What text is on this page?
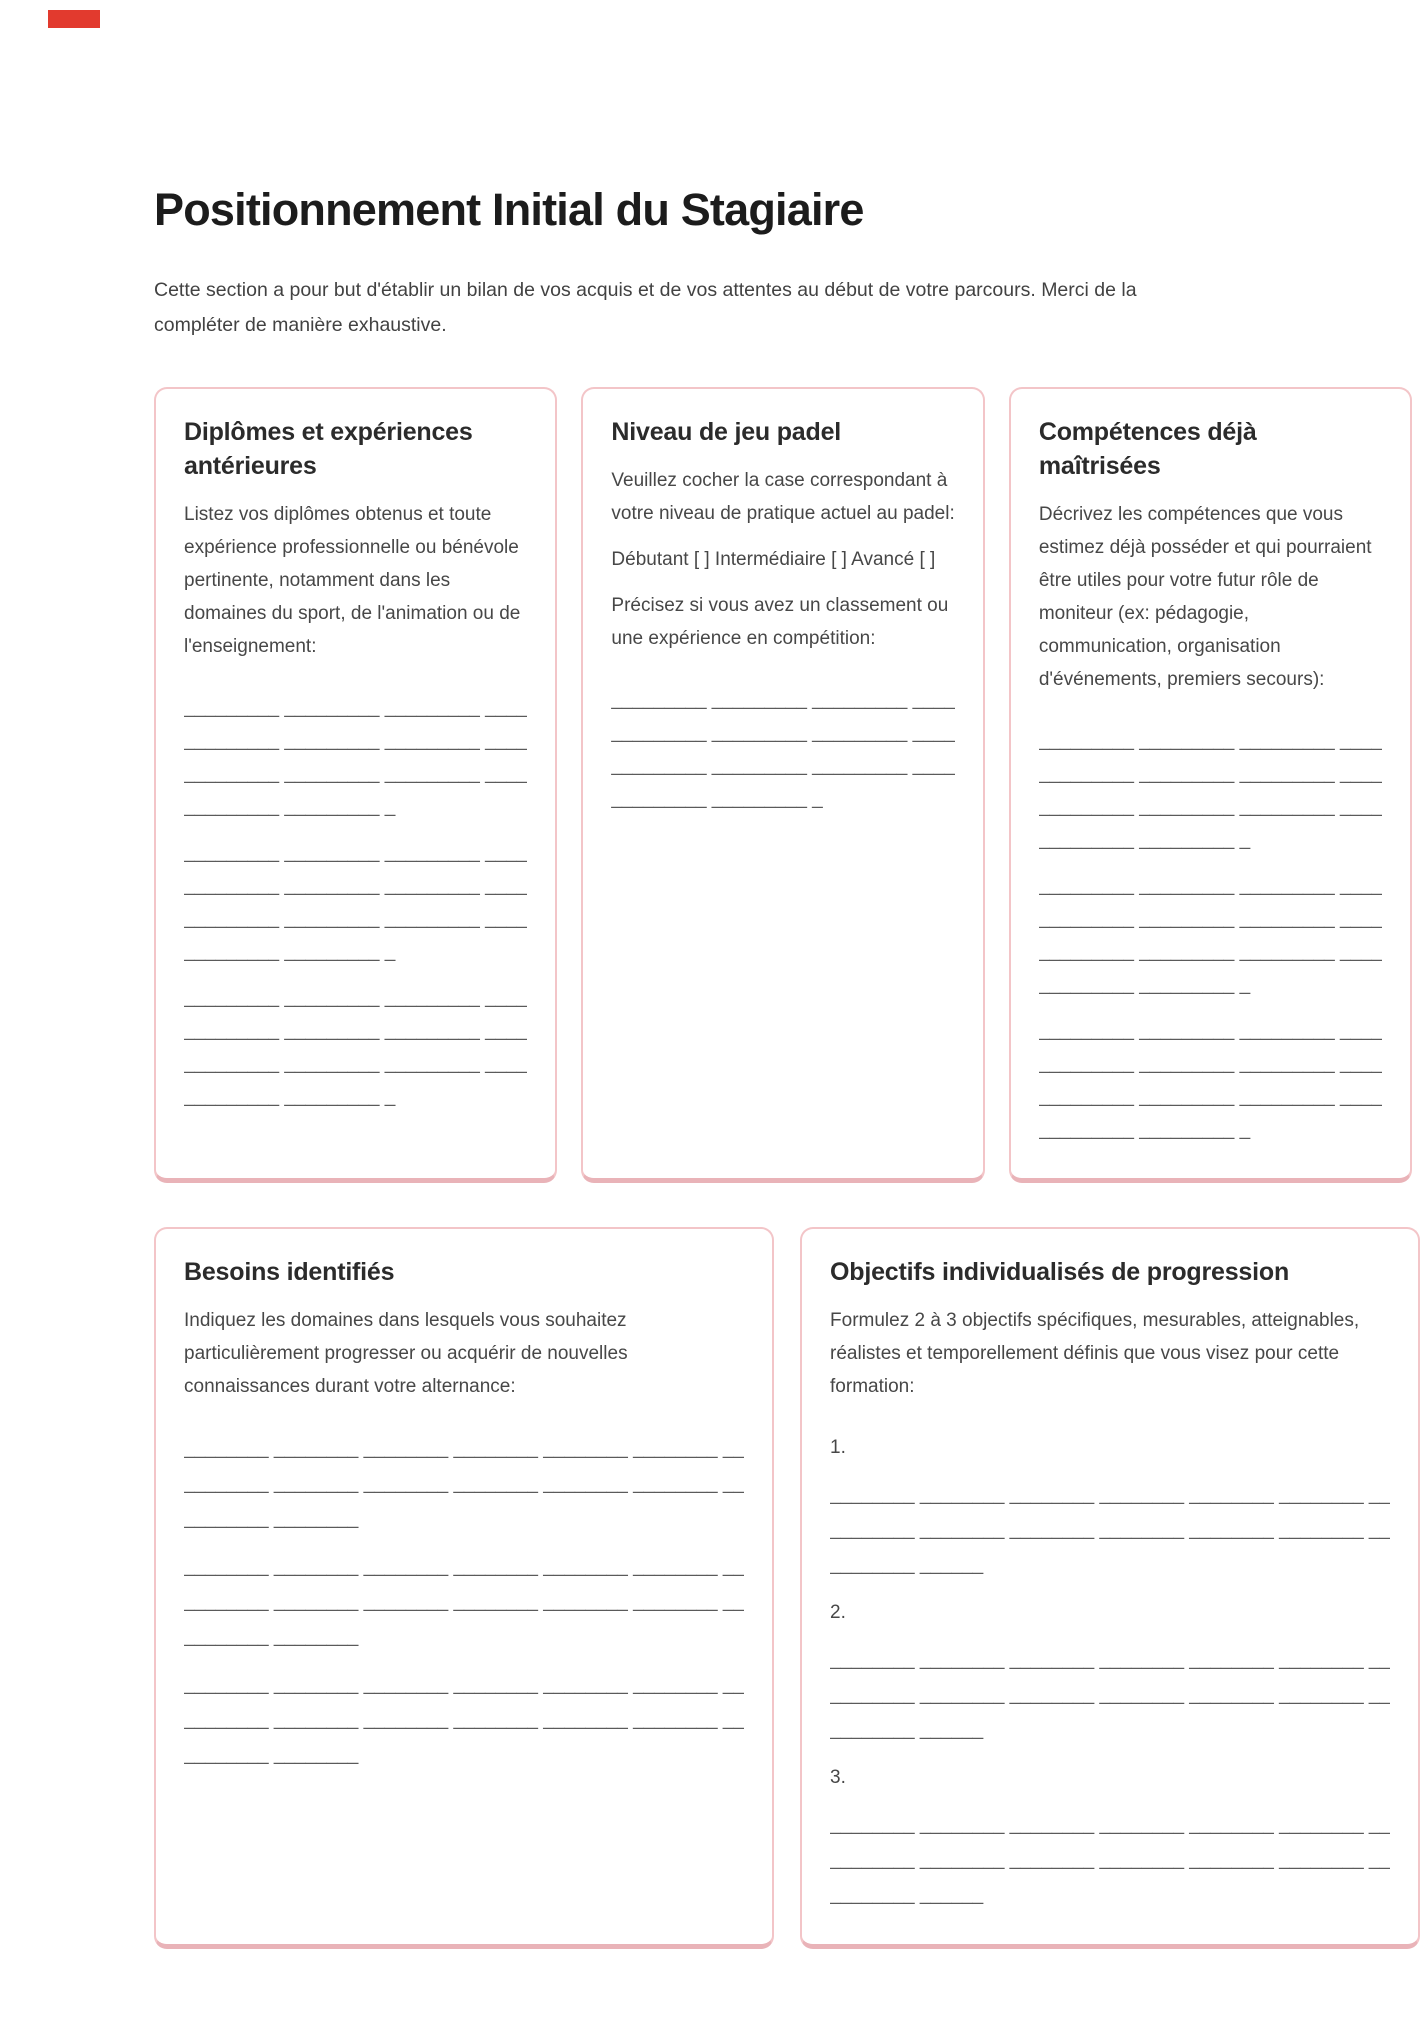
Positionnement Initial du Stagiaire

Cette section a pour but d'établir un bilan de vos acquis et de vos attentes au début de votre parcours. Merci de la compléter de manière exhaustive.

Diplômes et expériences antérieures

Listez vos diplômes obtenus et toute expérience professionnelle ou bénévole pertinente, notamment dans les domaines du sport, de l'animation ou de l'enseignement:

_________ _________ _________ ____
_________ _________ _________ ____
_________ _________ _________ ____
_________ _________ _
_________ _________ _________ ____
_________ _________ _________ ____
_________ _________ _________ ____
_________ _________ _
_________ _________ _________ ____
_________ _________ _________ ____
_________ _________ _________ ____
_________ _________ _
Niveau de jeu padel

Veuillez cocher la case correspondant à votre niveau de pratique actuel au padel:

Débutant [ ] Intermédiaire [ ] Avancé [ ]

Précisez si vous avez un classement ou une expérience en compétition:

_________ _________ _________ ____
_________ _________ _________ ____
_________ _________ _________ ____
_________ _________ _
Compétences déjà maîtrisées

Décrivez les compétences que vous estimez déjà posséder et qui pourraient être utiles pour votre futur rôle de moniteur (ex: pédagogie, communication, organisation d'événements, premiers secours):

_________ _________ _________ ____
_________ _________ _________ ____
_________ _________ _________ ____
_________ _________ _
_________ _________ _________ ____
_________ _________ _________ ____
_________ _________ _________ ____
_________ _________ _
_________ _________ _________ ____
_________ _________ _________ ____
_________ _________ _________ ____
_________ _________ _
Besoins identifiés

Indiquez les domaines dans lesquels vous souhaitez particulièrement progresser ou acquérir de nouvelles connaissances durant votre alternance:

________ ________ ________ ________ ________ ________ __
________ ________ ________ ________ ________ ________ __
________ ________
________ ________ ________ ________ ________ ________ __
________ ________ ________ ________ ________ ________ __
________ ________
________ ________ ________ ________ ________ ________ __
________ ________ ________ ________ ________ ________ __
________ ________
Objectifs individualisés de progression

Formulez 2 à 3 objectifs spécifiques, mesurables, atteignables, réalistes et temporellement définis que vous visez pour cette formation:

1.
________ ________ ________ ________ ________ ________ __
________ ________ ________ ________ ________ ________ __
________ ______
2.
________ ________ ________ ________ ________ ________ __
________ ________ ________ ________ ________ ________ __
________ ______
3.
________ ________ ________ ________ ________ ________ __
________ ________ ________ ________ ________ ________ __
________ ______
